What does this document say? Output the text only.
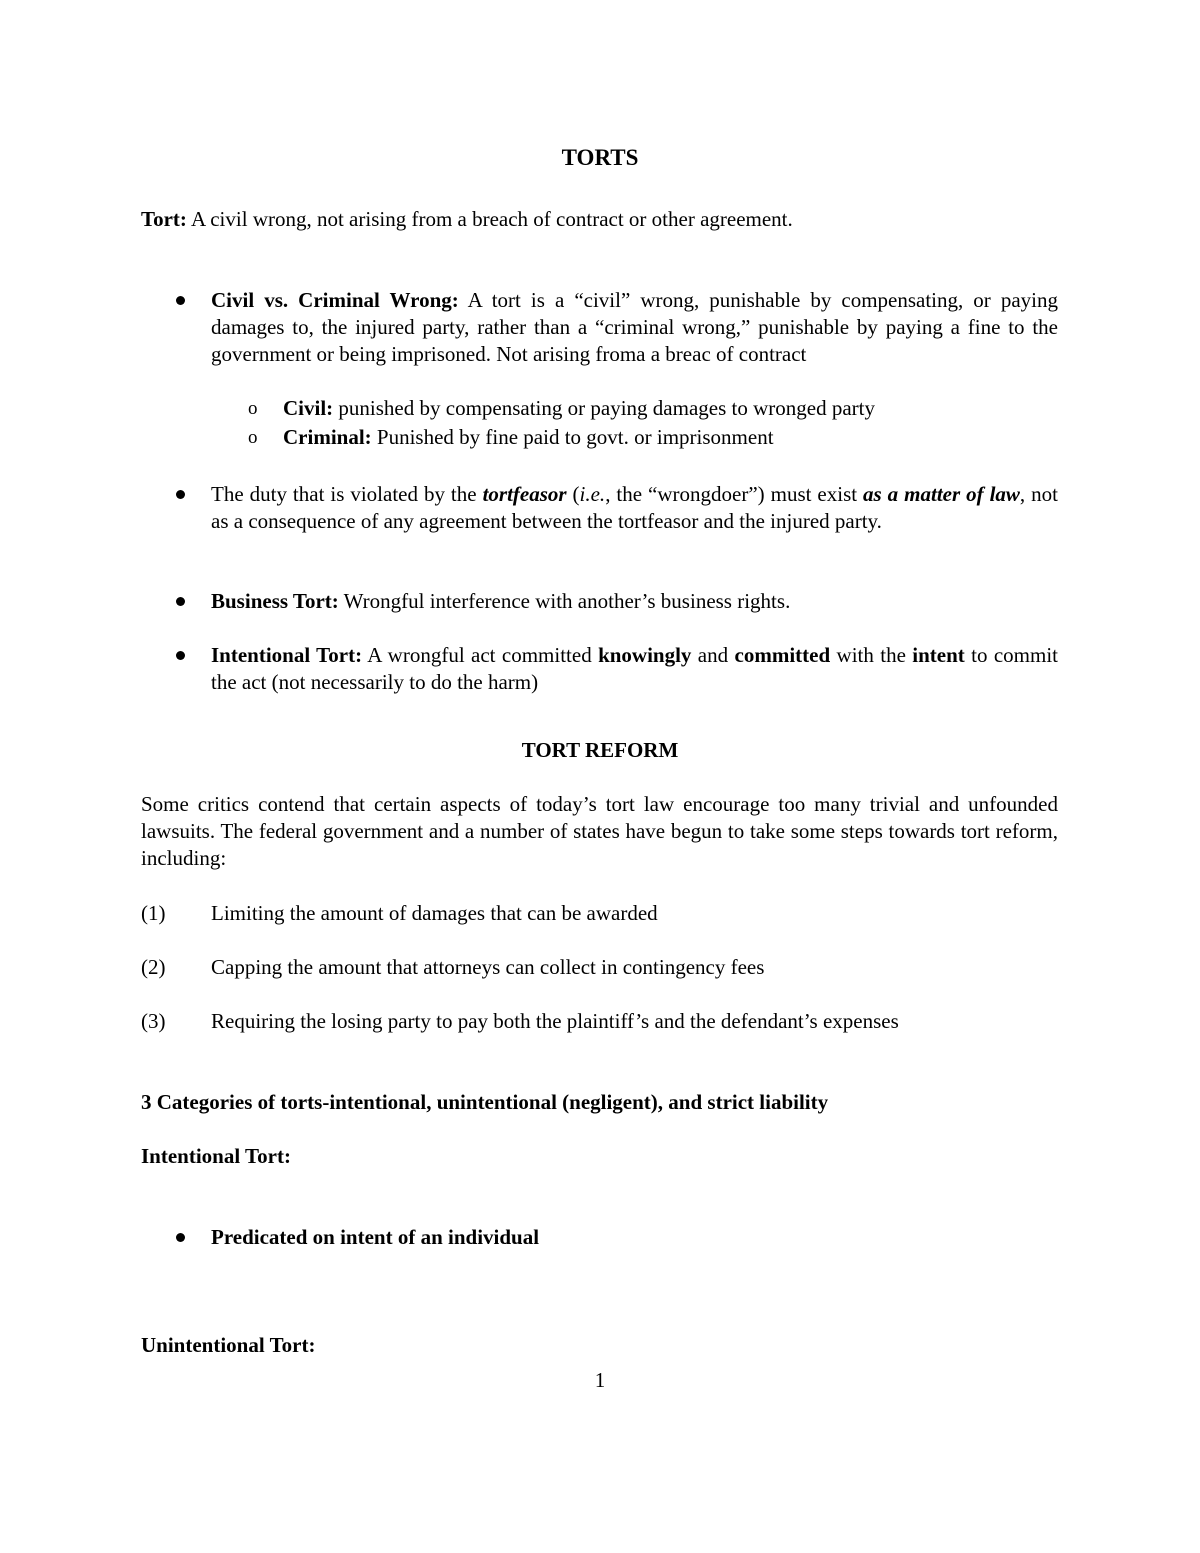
TORTS
Tort: A civil wrong, not arising from a breach of contract or other agreement.
Civil vs. Criminal Wrong: A tort is a “civil” wrong, punishable by compensating, or paying damages to, the injured party, rather than a “criminal wrong,” punishable by paying a fine to the government or being imprisoned. Not arising froma a breac of contract
o Civil: punished by compensating or paying damages to wronged party
o Criminal: Punished by fine paid to govt. or imprisonment
The duty that is violated by the tortfeasor (i.e., the “wrongdoer”) must exist as a matter of law, not as a consequence of any agreement between the tortfeasor and the injured party.
Business Tort: Wrongful interference with another’s business rights.
Intentional Tort: A wrongful act committed knowingly and committed with the intent to commit the act (not necessarily to do the harm)
TORT REFORM
Some critics contend that certain aspects of today’s tort law encourage too many trivial and unfounded lawsuits. The federal government and a number of states have begun to take some steps towards tort reform, including:
(1) Limiting the amount of damages that can be awarded
(2) Capping the amount that attorneys can collect in contingency fees
(3) Requiring the losing party to pay both the plaintiff’s and the defendant’s expenses
3 Categories of torts-intentional, unintentional (negligent), and strict liability
Intentional Tort:
Predicated on intent of an individual
Unintentional Tort:
1
